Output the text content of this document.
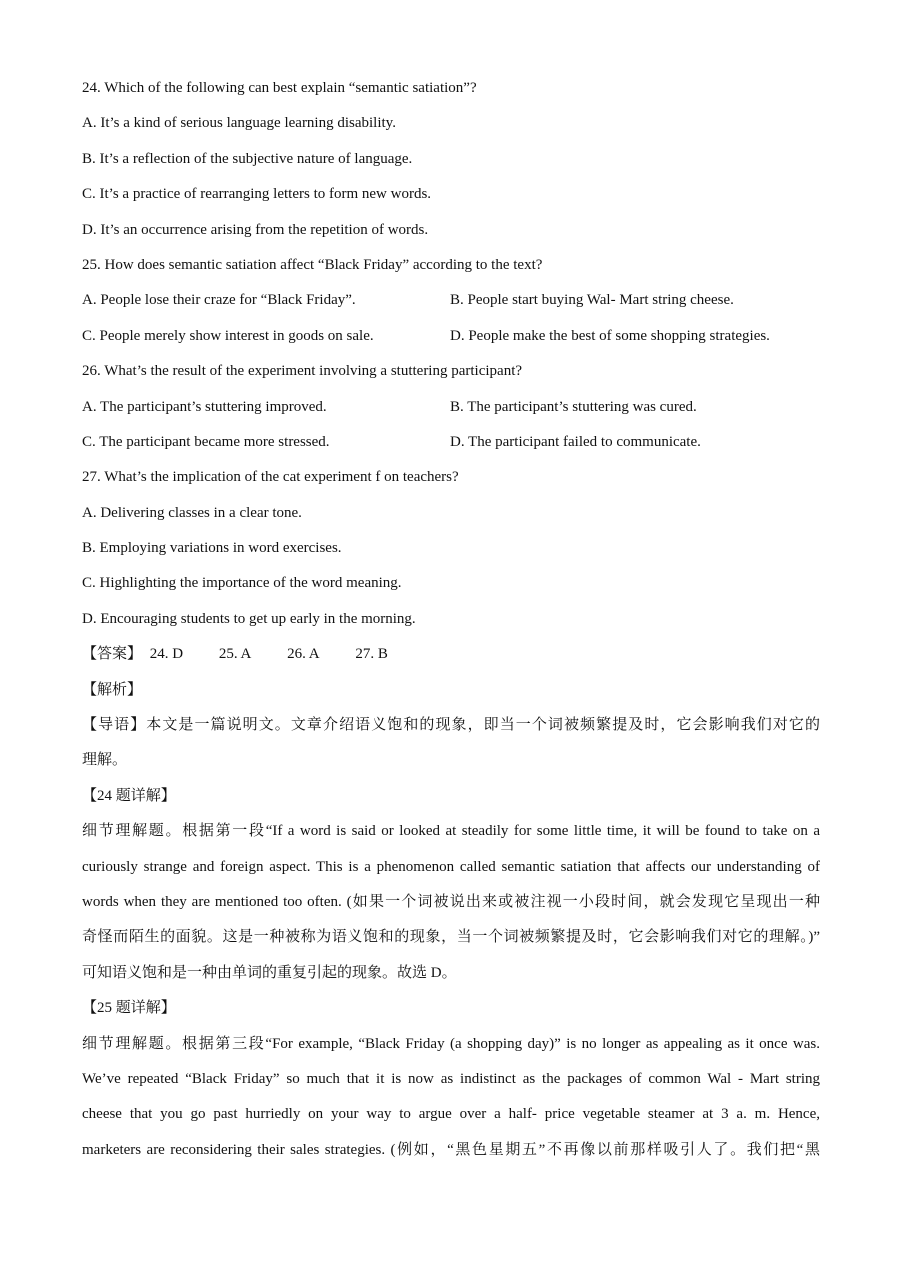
24. Which of the following can best explain “semantic satiation”?
A. It’s a kind of serious language learning disability.
B. It’s a reflection of the subjective nature of language.
C. It’s a practice of rearranging letters to form new words.
D. It’s an occurrence arising from the repetition of words.
25. How does semantic satiation affect “Black Friday” according to the text?
A. People lose their craze for “Black Friday”.	B. People start buying Wal- Mart string cheese.
C. People merely show interest in goods on sale.	D. People make the best of some shopping strategies.
26. What’s the result of the experiment involving a stuttering participant?
A. The participant’s stuttering improved.	B. The participant’s stuttering was cured.
C. The participant became more stressed.	D. The participant failed to communicate.
27. What’s the implication of the cat experiment f on teachers?
A. Delivering classes in a clear tone.
B. Employing variations in word exercises.
C. Highlighting the importance of the word meaning.
D. Encouraging students to get up early in the morning.
【答案】 24. D 25. A 26. A 27. B
【解析】
【导语】本文是一篇说明文。文章介绍语义饱和的现象，即当一个词被频繁提及时，它会影响我们对它的
理解。
【24 题详解】
细节理解题。根据第一段“If a word is said or looked at steadily for some little time, it will be found to take on a
curiously strange and foreign aspect. This is a phenomenon called semantic satiation that affects our understanding of
words when they are mentioned too often. (如果一个词被说出来或被注视一小段时间，就会发现它呈现出一种
奇怪而陌生的面貌。这是一种被称为语义饱和的现象，当一个词被频繁提及时，它会影响我们对它的理解。)”
可知语义饱和是一种由单词的重复引起的现象。故选 D。
【25 题详解】
细节理解题。根据第三段“For example, “Black Friday (a shopping day)” is no longer as appealing as it once was.
We’ve repeated “Black Friday” so much that it is now as indistinct as the packages of common Wal - Mart string
cheese that you go past hurriedly on your way to argue over a half- price vegetable steamer at 3 a. m. Hence,
marketers are reconsidering their sales strategies. (例如，“黑色星期五”不再像以前那样吸引人了。我们把“黑
